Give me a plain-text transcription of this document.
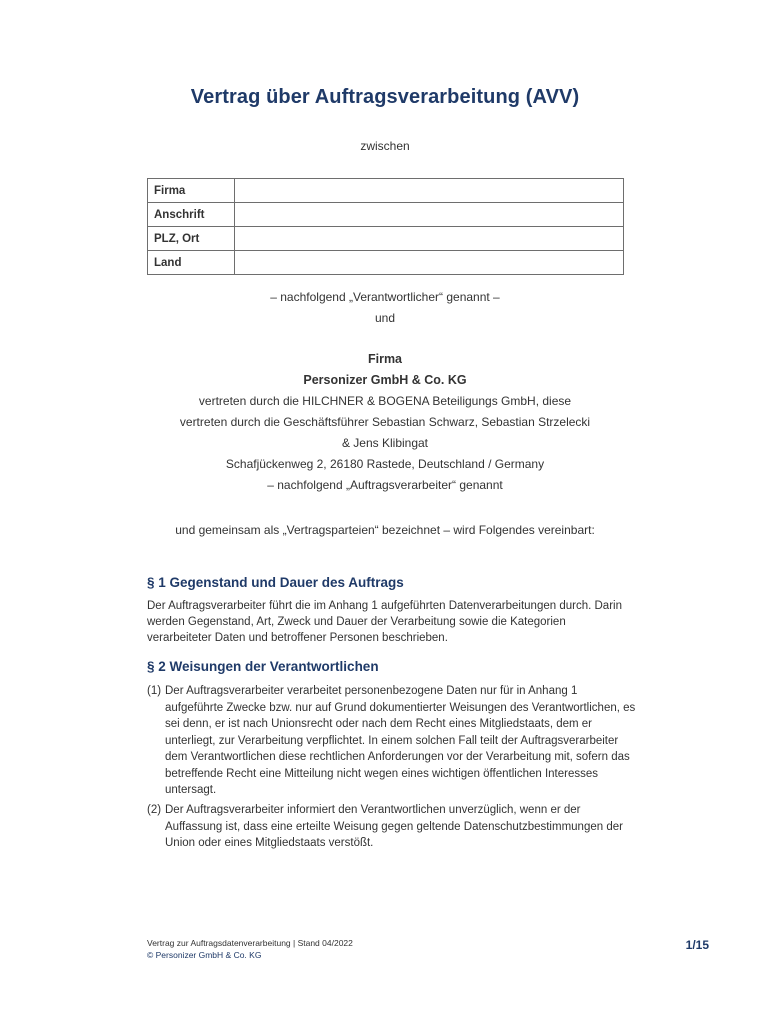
Vertrag über Auftragsverarbeitung (AVV)
zwischen
Firma	
Anschrift	
PLZ, Ort	
Land	
– nachfolgend „Verantwortlicher“ genannt –
und
Firma
Personizer GmbH & Co. KG
vertreten durch die HILCHNER & BOGENA Beteiligungs GmbH, diese
vertreten durch die Geschäftsführer Sebastian Schwarz, Sebastian Strzelecki
& Jens Klibingat
Schafjückenweg 2, 26180 Rastede, Deutschland / Germany
– nachfolgend „Auftragsverarbeiter“ genannt
und gemeinsam als „Vertragsparteien“ bezeichnet – wird Folgendes vereinbart:
§ 1 Gegenstand und Dauer des Auftrags
Der Auftragsverarbeiter führt die im Anhang 1 aufgeführten Datenverarbeitungen durch. Darin werden Gegenstand, Art, Zweck und Dauer der Verarbeitung sowie die Kategorien verarbeiteter Daten und betroffener Personen beschrieben.
§ 2 Weisungen der Verantwortlichen
(1) Der Auftragsverarbeiter verarbeitet personenbezogene Daten nur für in Anhang 1 aufgeführte Zwecke bzw. nur auf Grund dokumentierter Weisungen des Verantwortlichen, es sei denn, er ist nach Unionsrecht oder nach dem Recht eines Mitgliedstaats, dem er unterliegt, zur Verarbeitung verpflichtet. In einem solchen Fall teilt der Auftragsverarbeiter dem Verantwortlichen diese rechtlichen Anforderungen vor der Verarbeitung mit, sofern das betreffende Recht eine Mitteilung nicht wegen eines wichtigen öffentlichen Interesses untersagt.
(2) Der Auftragsverarbeiter informiert den Verantwortlichen unverzüglich, wenn er der Auffassung ist, dass eine erteilte Weisung gegen geltende Datenschutzbestimmungen der Union oder eines Mitgliedstaats verstößt.
Vertrag zur Auftragsdatenverarbeitung | Stand 04/2022
© Personizer GmbH & Co. KG
1/15
